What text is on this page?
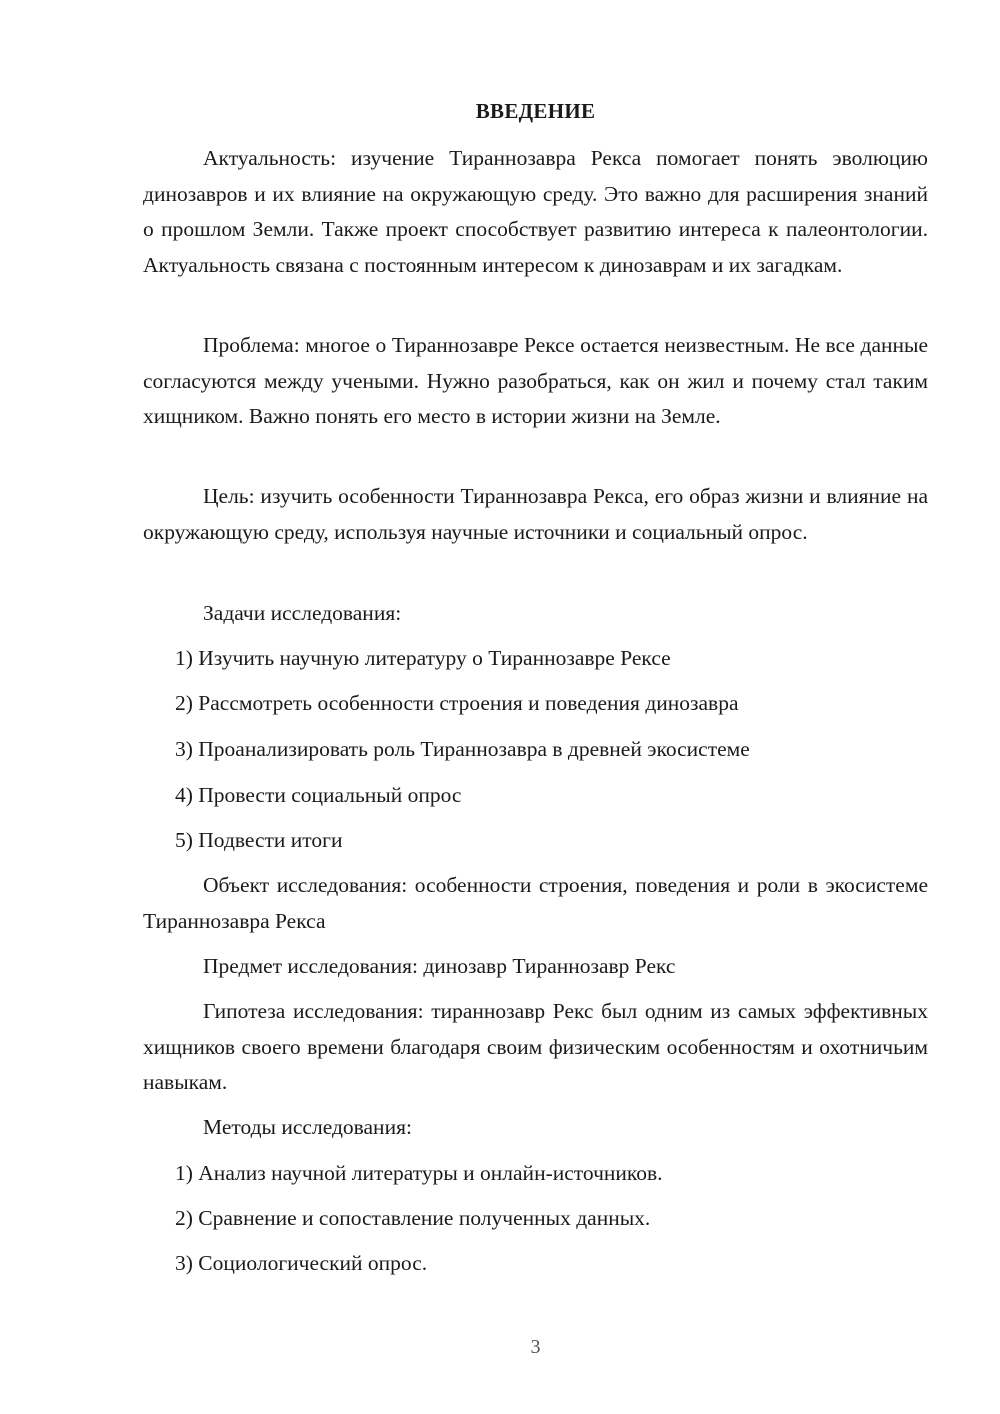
ВВЕДЕНИЕ

Актуальность: изучение Тираннозавра Рекса помогает понять эволюцию динозавров и их влияние на окружающую среду. Это важно для расширения знаний о прошлом Земли. Также проект способствует развитию интереса к палеонтологии. Актуальность связана с постоянным интересом к динозаврам и их загадкам.

Проблема: многое о Тираннозавре Рексе остается неизвестным. Не все данные согласуются между учеными. Нужно разобраться, как он жил и почему стал таким хищником. Важно понять его место в истории жизни на Земле.

Цель: изучить особенности Тираннозавра Рекса, его образ жизни и влияние на окружающую среду, используя научные источники и социальный опрос.

Задачи исследования:

1) Изучить научную литературу о Тираннозавре Рексе

2) Рассмотреть особенности строения и поведения динозавра

3) Проанализировать роль Тираннозавра в древней экосистеме

4) Провести социальный опрос

5) Подвести итоги

Объект исследования: особенности строения, поведения и роли в экосистеме Тираннозавра Рекса

Предмет исследования: динозавр Тираннозавр Рекс

Гипотеза исследования: тираннозавр Рекс был одним из самых эффективных хищников своего времени благодаря своим физическим особенностям и охотничьим навыкам.

Методы исследования:

1) Анализ научной литературы и онлайн-источников.

2) Сравнение и сопоставление полученных данных.

3) Социологический опрос.

3
